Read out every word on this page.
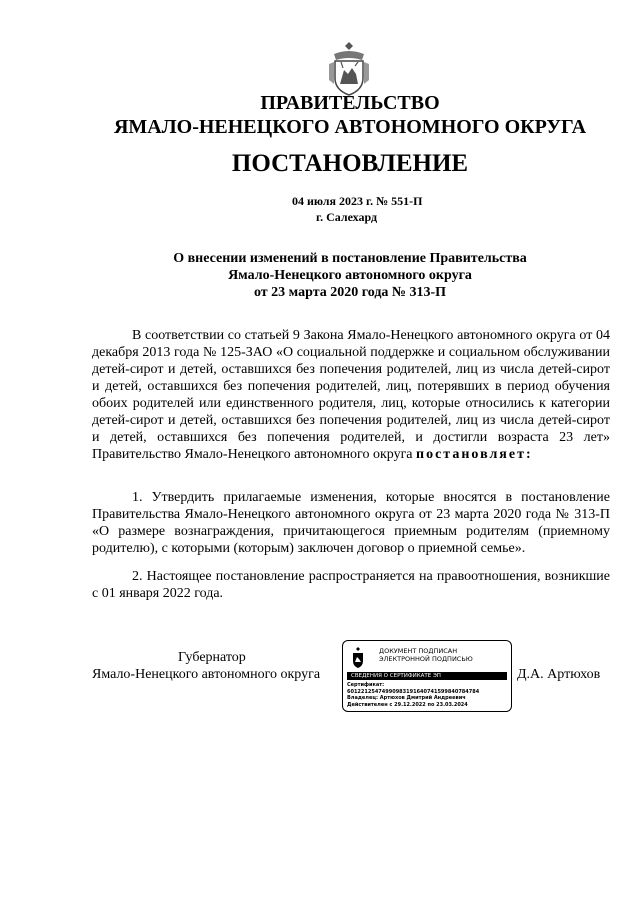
ПРАВИТЕЛЬСТВО
ЯМАЛО-НЕНЕЦКОГО АВТОНОМНОГО ОКРУГА
ПОСТАНОВЛЕНИЕ
04 июля 2023 г. № 551-П
г. Салехард
О внесении изменений в постановление Правительства
Ямало-Ненецкого автономного округа
от 23 марта 2020 года № 313-П
В соответствии со статьей 9 Закона Ямало-Ненецкого автономного округа от 04 декабря 2013 года № 125-ЗАО «О социальной поддержке и социальном обслуживании детей-сирот и детей, оставшихся без попечения родителей, лиц из числа детей-сирот и детей, оставшихся без попечения родителей, лиц, потерявших в период обучения обоих родителей или единственного родителя, лиц, которые относились к категории детей-сирот и детей, оставшихся без попечения родителей, лиц из числа детей-сирот и детей, оставшихся без попечения родителей, и достигли возраста 23 лет» Правительство Ямало-Ненецкого автономного округа постановляет:
1. Утвердить прилагаемые изменения, которые вносятся в постановление Правительства Ямало-Ненецкого автономного округа от 23 марта 2020 года № 313-П «О размере вознаграждения, причитающегося приемным родителям (приемному родителю), с которыми (которым) заключен договор о приемной семье».
2. Настоящее постановление распространяется на правоотношения, возникшие с 01 января 2022 года.
Губернатор
Ямало-Ненецкого автономного округа	Д.А. Артюхов
ДОКУМЕНТ ПОДПИСАН
ЭЛЕКТРОННОЙ ПОДПИСЬЮ
СВЕДЕНИЯ О СЕРТИФИКАТЕ ЭП
Сертификат:
60122125474990983191640741599840784784
Владелец: Артюхов Дмитрий Андреевич
Действителен с 29.12.2022 по 23.03.2024
